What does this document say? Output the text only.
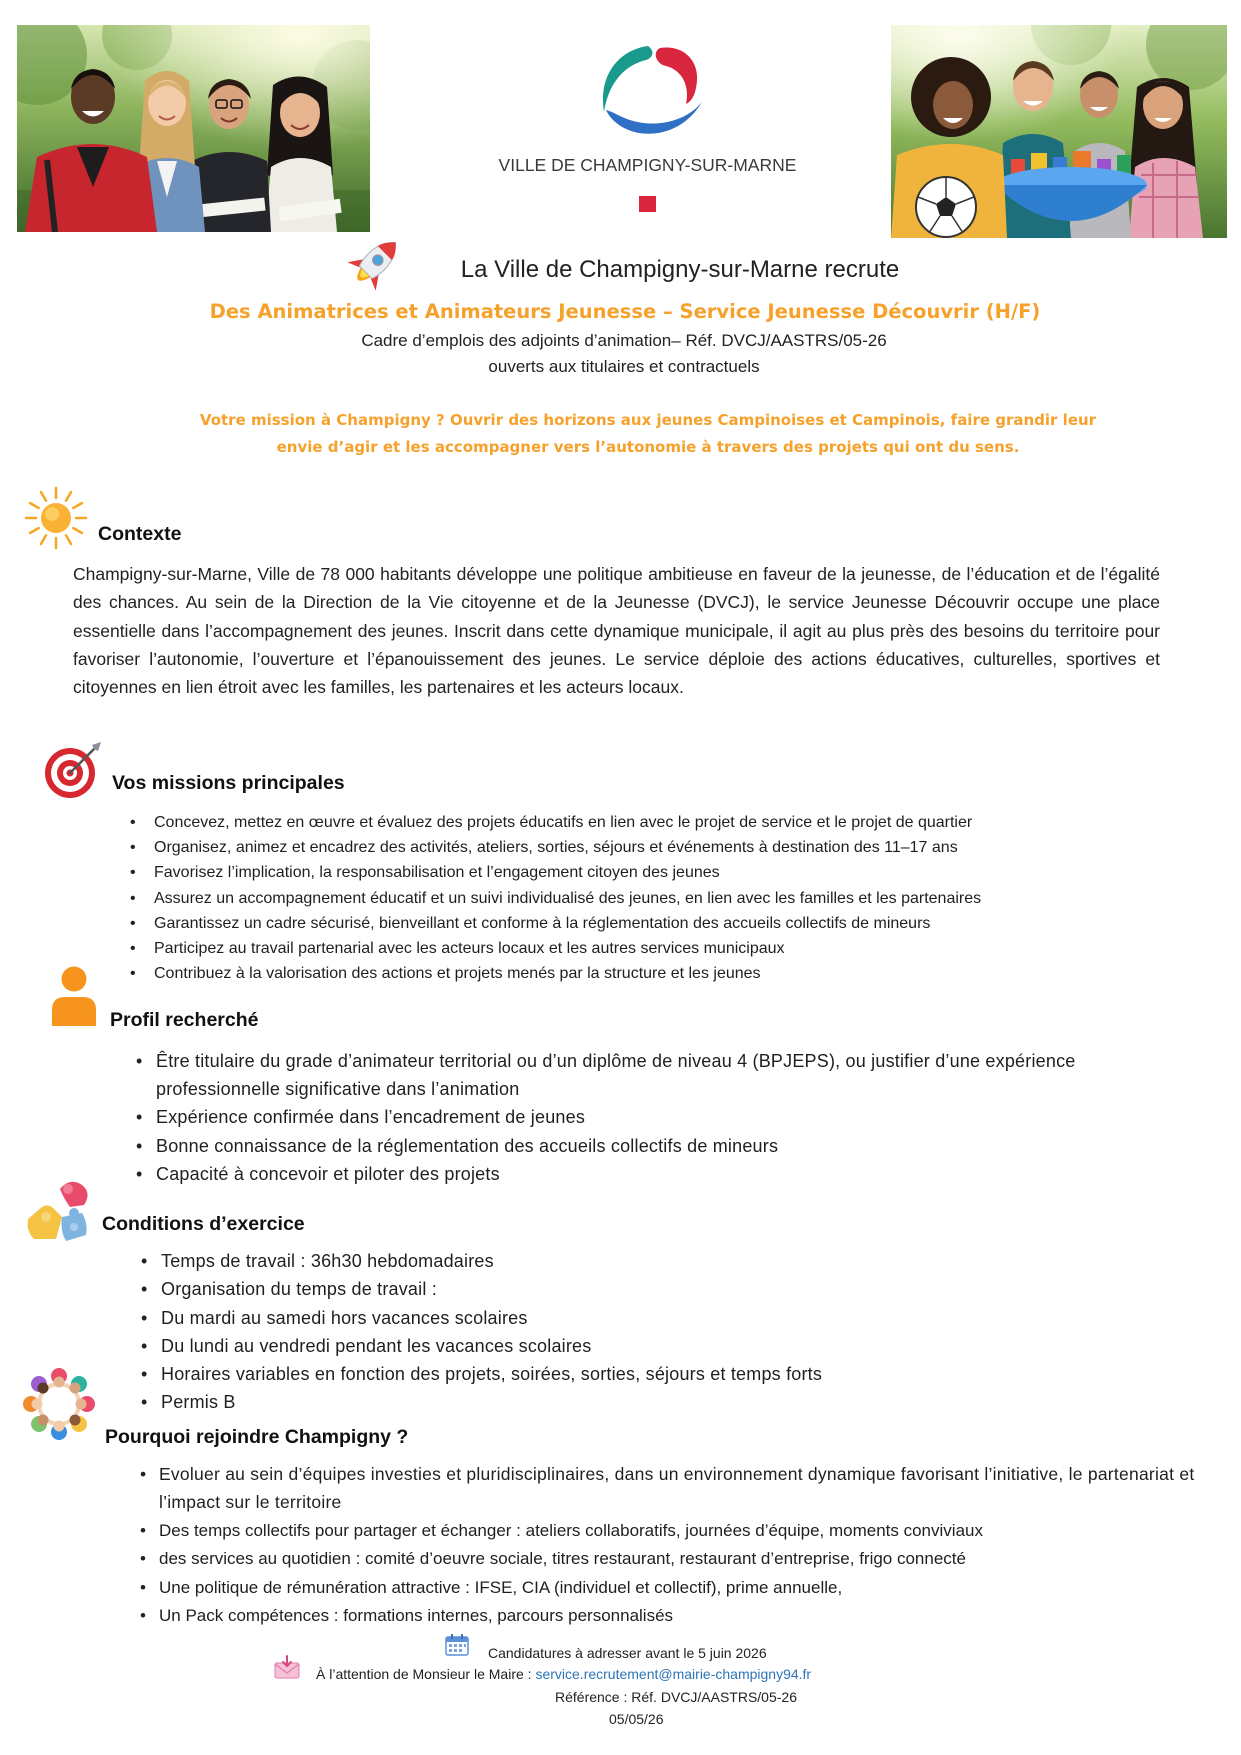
VILLE DE CHAMPIGNY-SUR-MARNE
La Ville de Champigny-sur-Marne recrute
Des Animatrices et Animateurs Jeunesse – Service Jeunesse Découvrir (H/F)
Cadre d’emplois des adjoints d’animation– Réf. DVCJ/AASTRS/05-26
ouverts aux titulaires et contractuels
Votre mission à Champigny ? Ouvrir des horizons aux jeunes Campinoises et Campinois, faire grandir leur
envie d’agir et les accompagner vers l’autonomie à travers des projets qui ont du sens.
Contexte

Champigny-sur-Marne, Ville de 78 000 habitants développe une politique ambitieuse en faveur de la jeunesse, de l’éducation et de l’égalité des chances. Au sein de la Direction de la Vie citoyenne et de la Jeunesse (DVCJ), le service Jeunesse Découvrir occupe une place essentielle dans l’accompagnement des jeunes. Inscrit dans cette dynamique municipale, il agit au plus près des besoins du territoire pour favoriser l’autonomie, l’ouverture et l’épanouissement des jeunes. Le service déploie des actions éducatives, culturelles, sportives et citoyennes en lien étroit avec les familles, les partenaires et les acteurs locaux.

Vos missions principales
• Concevez, mettez en œuvre et évaluez des projets éducatifs en lien avec le projet de service et le projet de quartier
• Organisez, animez et encadrez des activités, ateliers, sorties, séjours et événements à destination des 11–17 ans
• Favorisez l’implication, la responsabilisation et l’engagement citoyen des jeunes
• Assurez un accompagnement éducatif et un suivi individualisé des jeunes, en lien avec les familles et les partenaires
• Garantissez un cadre sécurisé, bienveillant et conforme à la réglementation des accueils collectifs de mineurs
• Participez au travail partenarial avec les acteurs locaux et les autres services municipaux
• Contribuez à la valorisation des actions et projets menés par la structure et les jeunes
Profil recherché
• Être titulaire du grade d’animateur territorial ou d’un diplôme de niveau 4 (BPJEPS), ou justifier d’une expérience professionnelle significative dans l’animation
• Expérience confirmée dans l’encadrement de jeunes
• Bonne connaissance de la réglementation des accueils collectifs de mineurs
• Capacité à concevoir et piloter des projets
Conditions d’exercice
• Temps de travail : 36h30 hebdomadaires
• Organisation du temps de travail :
• Du mardi au samedi hors vacances scolaires
• Du lundi au vendredi pendant les vacances scolaires
• Horaires variables en fonction des projets, soirées, sorties, séjours et temps forts
• Permis B
Pourquoi rejoindre Champigny ?
• Evoluer au sein d’équipes investies et pluridisciplinaires, dans un environnement dynamique favorisant l’initiative, le partenariat et l’impact sur le territoire
• Des temps collectifs pour partager et échanger : ateliers collaboratifs, journées d’équipe, moments conviviaux
• des services au quotidien : comité d’oeuvre sociale, titres restaurant, restaurant d’entreprise, frigo connecté
• Une politique de rémunération attractive : IFSE, CIA (individuel et collectif), prime annuelle,
• Un Pack compétences : formations internes, parcours personnalisés
Candidatures à adresser avant le 5 juin 2026
À l’attention de Monsieur le Maire : service.recrutement@mairie-champigny94.fr
Référence : Réf. DVCJ/AASTRS/05-26
05/05/26
